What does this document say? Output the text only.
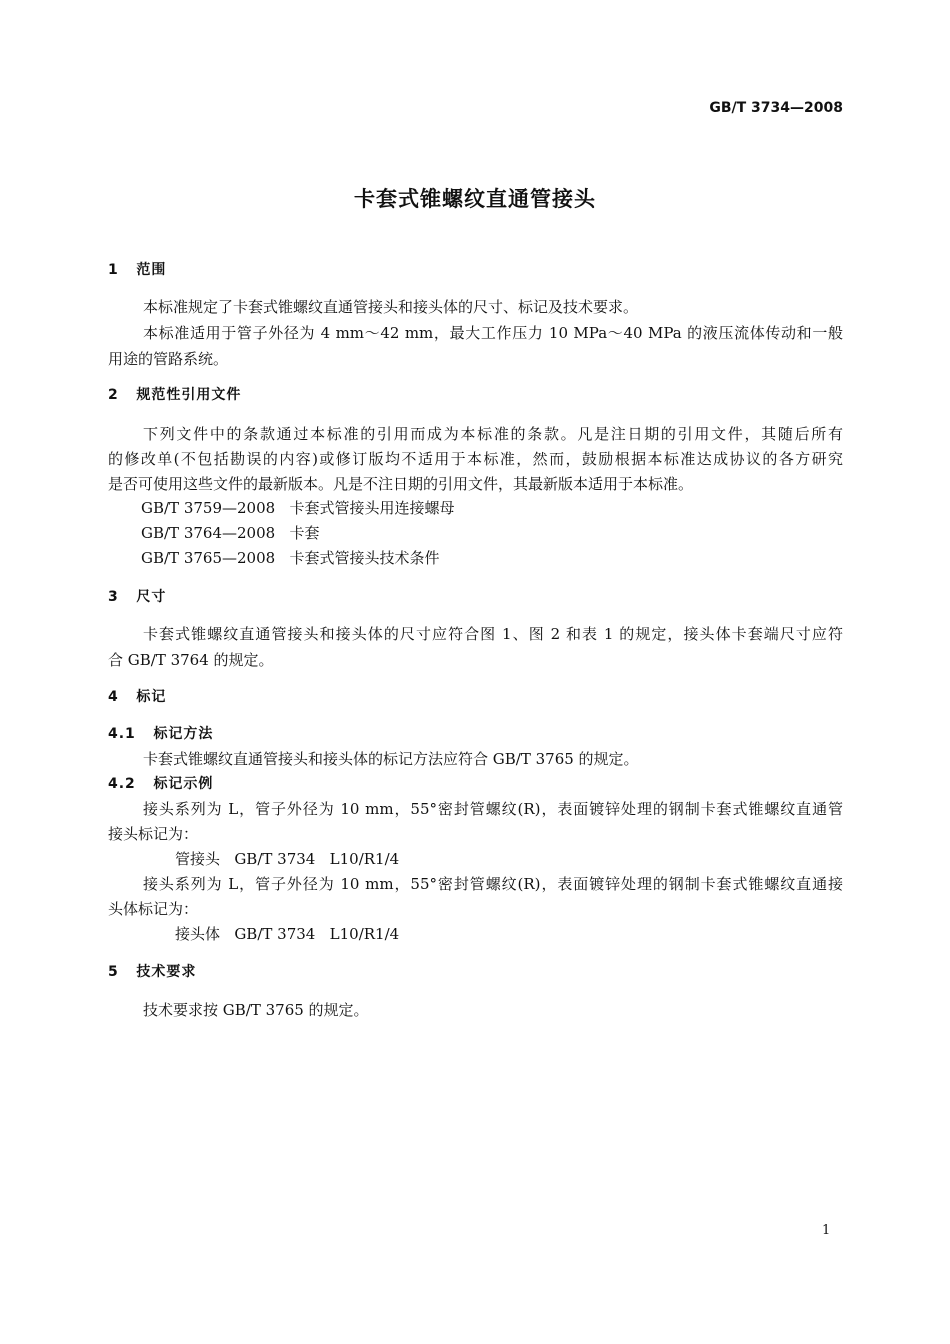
GB/T 3734—2008
卡套式锥螺纹直通管接头
1 范围
本标准规定了卡套式锥螺纹直通管接头和接头体的尺寸、标记及技术要求。
本标准适用于管子外径为 4 mm～42 mm，最大工作压力 10 MPa～40 MPa 的液压流体传动和一般
用途的管路系统。
2 规范性引用文件
下列文件中的条款通过本标准的引用而成为本标准的条款。凡是注日期的引用文件，其随后所有
的修改单(不包括勘误的内容)或修订版均不适用于本标准，然而，鼓励根据本标准达成协议的各方研究
是否可使用这些文件的最新版本。凡是不注日期的引用文件，其最新版本适用于本标准。
GB/T 3759—2008 卡套式管接头用连接螺母
GB/T 3764—2008 卡套
GB/T 3765—2008 卡套式管接头技术条件
3 尺寸
卡套式锥螺纹直通管接头和接头体的尺寸应符合图 1、图 2 和表 1 的规定，接头体卡套端尺寸应符
合 GB/T 3764 的规定。
4 标记
4.1 标记方法
卡套式锥螺纹直通管接头和接头体的标记方法应符合 GB/T 3765 的规定。
4.2 标记示例
接头系列为 L，管子外径为 10 mm，55°密封管螺纹(R)，表面镀锌处理的钢制卡套式锥螺纹直通管
接头标记为：
管接头 GB/T 3734 L10/R1/4
接头系列为 L，管子外径为 10 mm，55°密封管螺纹(R)，表面镀锌处理的钢制卡套式锥螺纹直通接
头体标记为：
接头体 GB/T 3734 L10/R1/4
5 技术要求
技术要求按 GB/T 3765 的规定。
1
